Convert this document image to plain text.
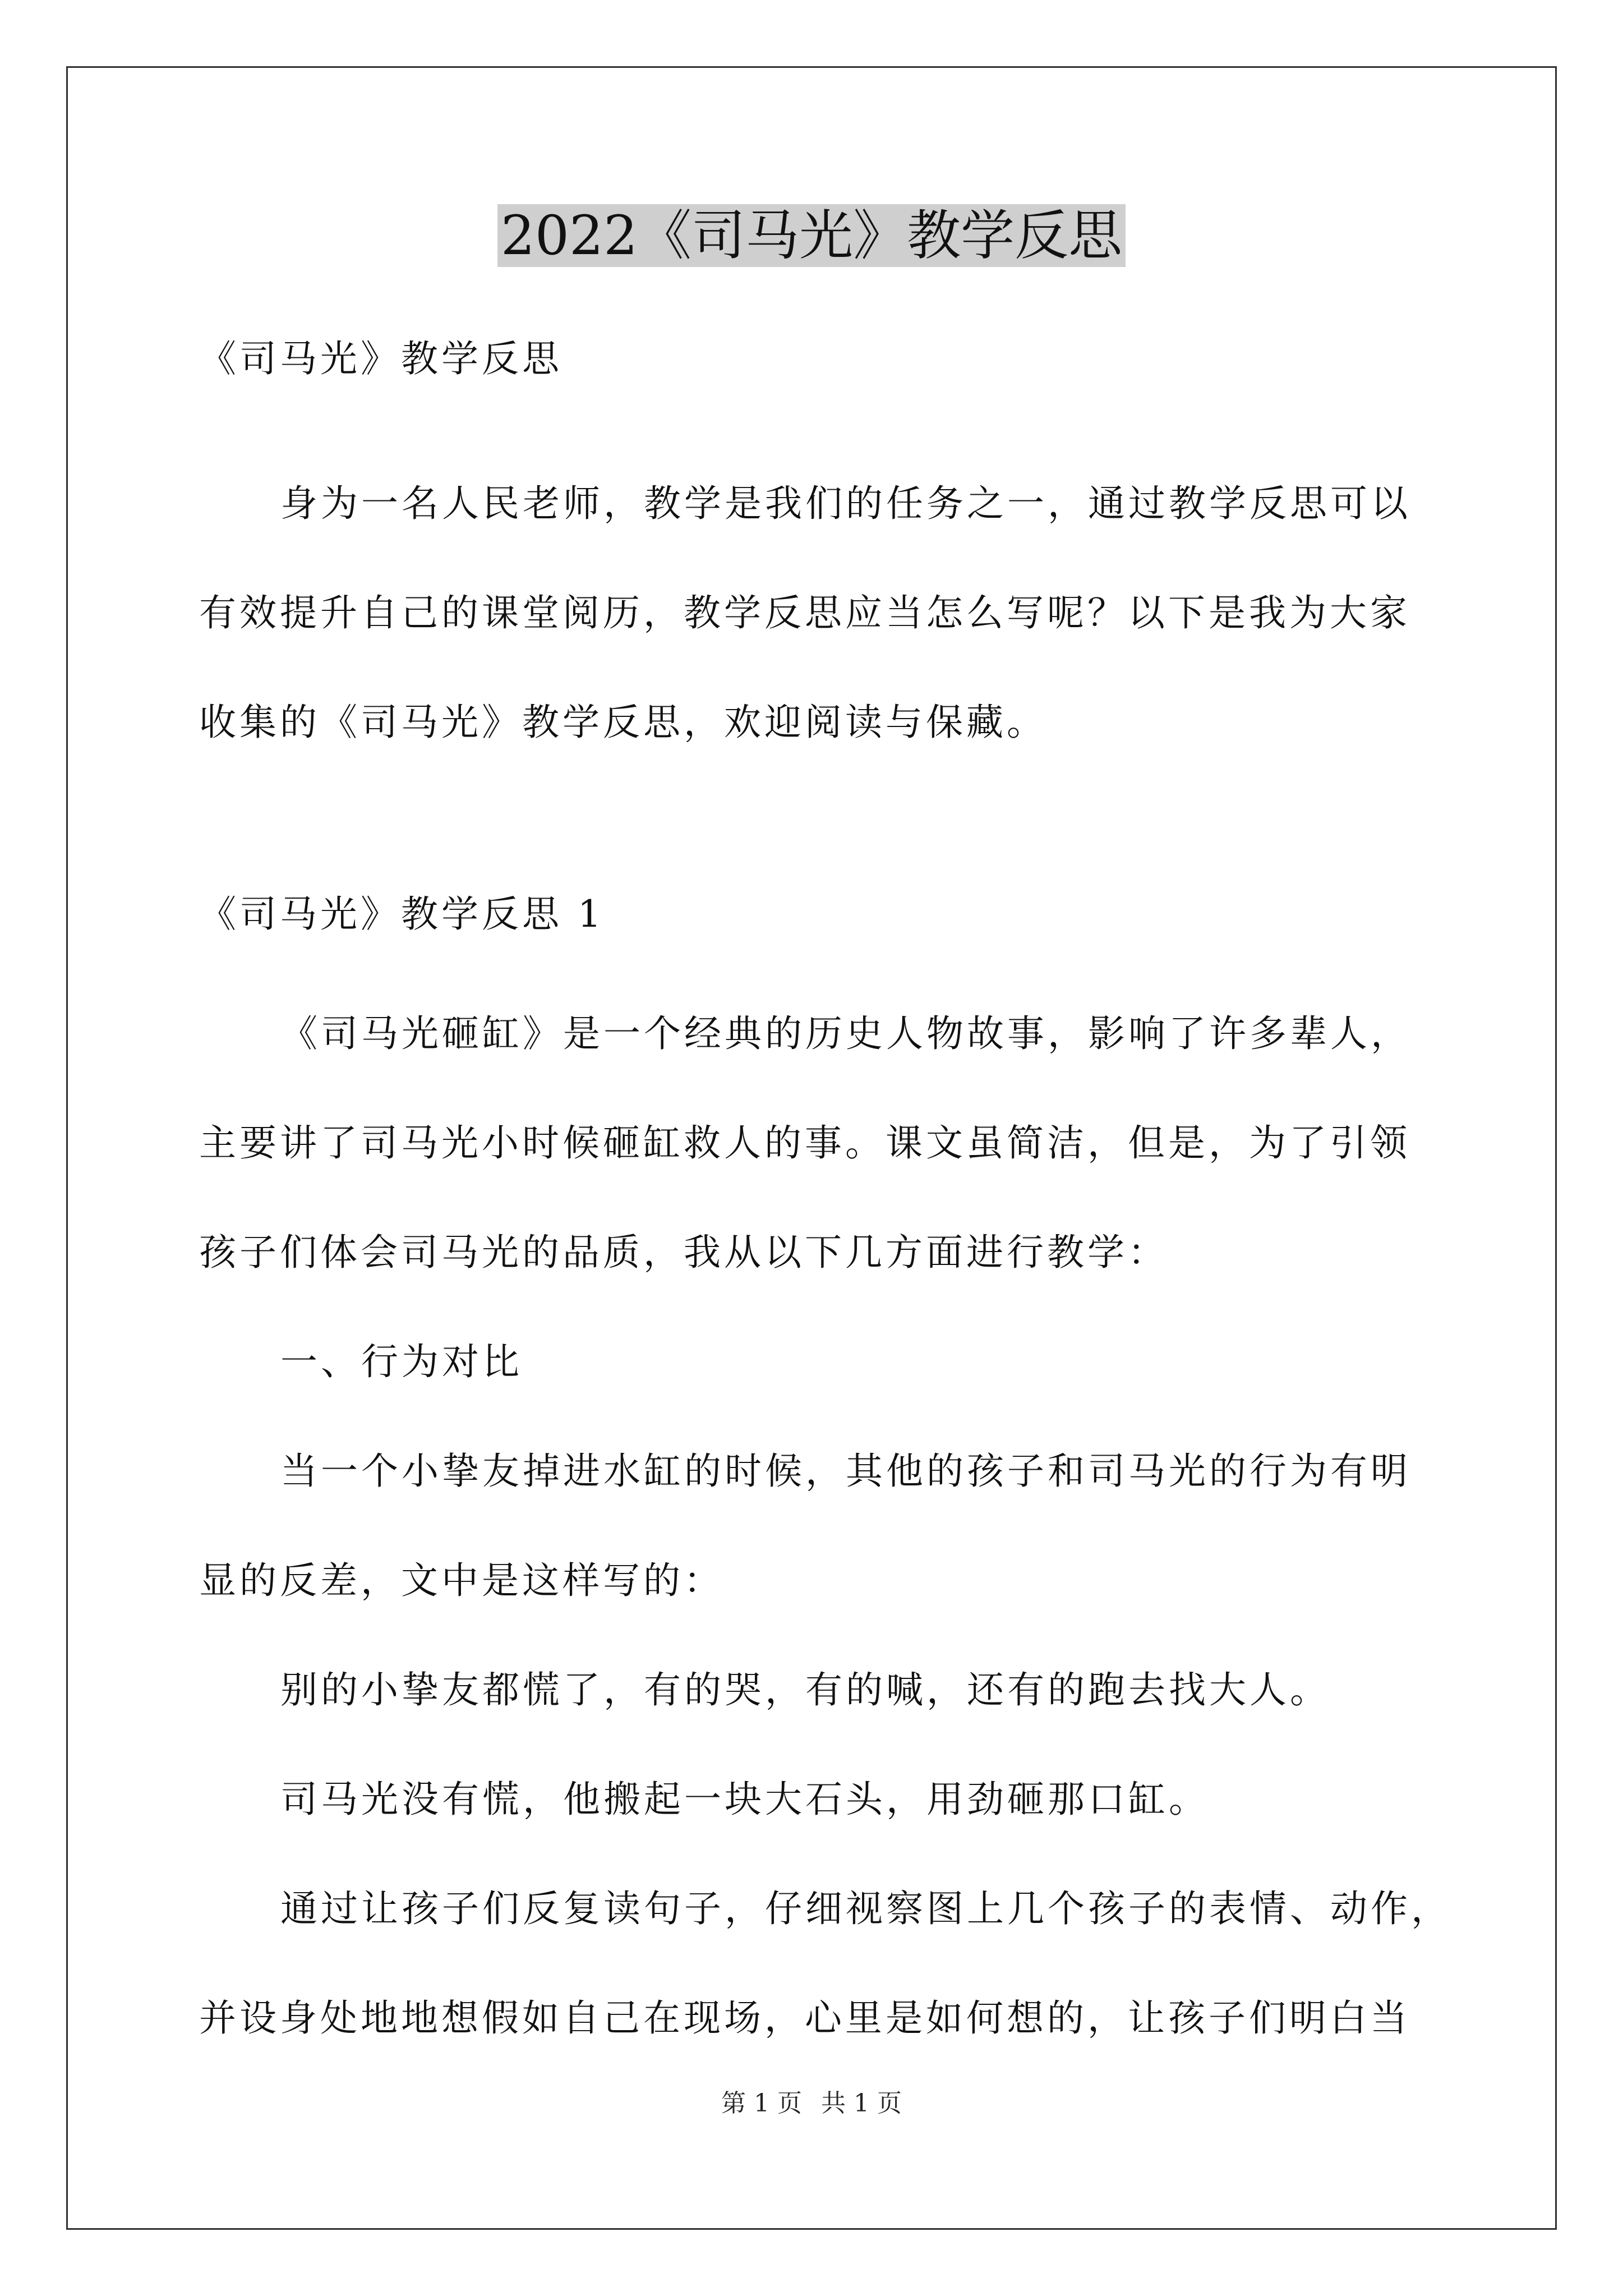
2022《司马光》教学反思
《司马光》教学反思
身为一名人民老师，教学是我们的任务之一，通过教学反思可以
有效提升自己的课堂阅历，教学反思应当怎么写呢？以下是我为大家
收集的《司马光》教学反思，欢迎阅读与保藏。
《司马光》教学反思 1
《司马光砸缸》是一个经典的历史人物故事，影响了许多辈人，
主要讲了司马光小时候砸缸救人的事。课文虽简洁，但是，为了引领
孩子们体会司马光的品质，我从以下几方面进行教学：
一、行为对比
当一个小挚友掉进水缸的时候，其他的孩子和司马光的行为有明
显的反差，文中是这样写的：
别的小挚友都慌了，有的哭，有的喊，还有的跑去找大人。
司马光没有慌，他搬起一块大石头，用劲砸那口缸。
通过让孩子们反复读句子，仔细视察图上几个孩子的表情、动作，
并设身处地地想假如自己在现场，心里是如何想的，让孩子们明白当
第 1 页 共 1 页
